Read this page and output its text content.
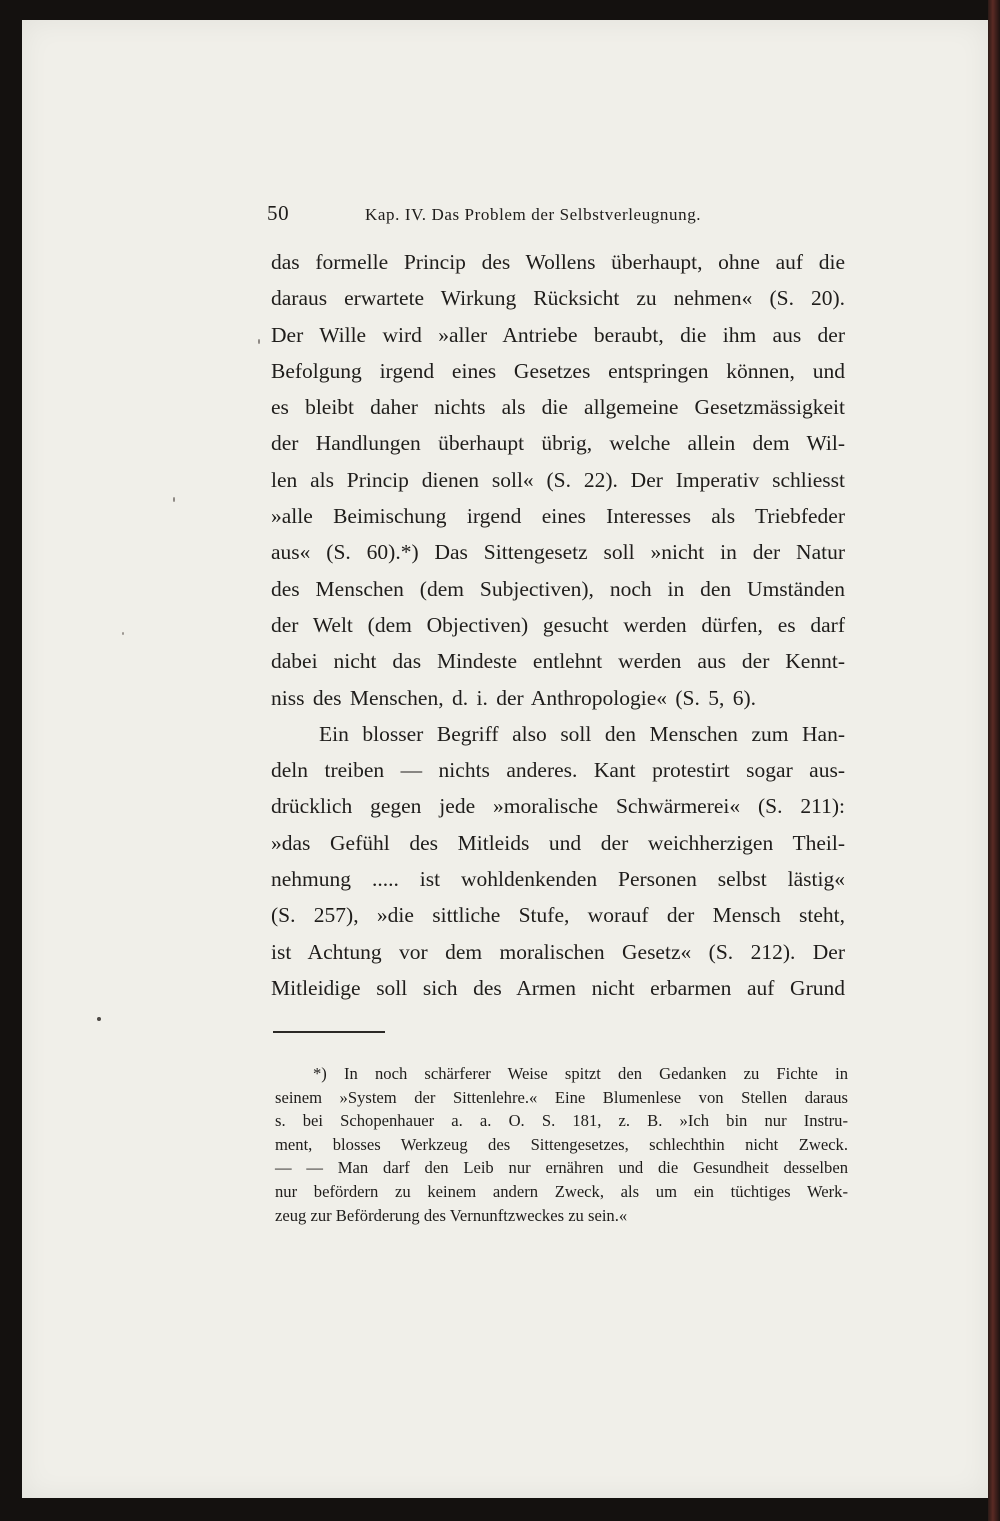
50	Kap. IV. Das Problem der Selbstverleugnung.
das formelle Princip des Wollens überhaupt, ohne auf die
daraus erwartete Wirkung Rücksicht zu nehmen« (S. 20).
Der Wille wird »aller Antriebe beraubt, die ihm aus der
Befolgung irgend eines Gesetzes entspringen können, und
es bleibt daher nichts als die allgemeine Gesetzmässigkeit
der Handlungen überhaupt übrig, welche allein dem Wil-
len als Princip dienen soll« (S. 22). Der Imperativ schliesst
»alle Beimischung irgend eines Interesses als Triebfeder
aus« (S. 60).*) Das Sittengesetz soll »nicht in der Natur
des Menschen (dem Subjectiven), noch in den Umständen
der Welt (dem Objectiven) gesucht werden dürfen, es darf
dabei nicht das Mindeste entlehnt werden aus der Kennt-
niss des Menschen, d. i. der Anthropologie« (S. 5, 6).
Ein blosser Begriff also soll den Menschen zum Han-
deln treiben — nichts anderes. Kant protestirt sogar aus-
drücklich gegen jede »moralische Schwärmerei« (S. 211):
»das Gefühl des Mitleids und der weichherzigen Theil-
nehmung ..... ist wohldenkenden Personen selbst lästig«
(S. 257), »die sittliche Stufe, worauf der Mensch steht,
ist Achtung vor dem moralischen Gesetz« (S. 212). Der
Mitleidige soll sich des Armen nicht erbarmen auf Grund
*) In noch schärferer Weise spitzt den Gedanken zu Fichte in
seinem »System der Sittenlehre.« Eine Blumenlese von Stellen daraus
s. bei Schopenhauer a. a. O. S. 181, z. B. »Ich bin nur Instru-
ment, blosses Werkzeug des Sittengesetzes, schlechthin nicht Zweck.
— — Man darf den Leib nur ernähren und die Gesundheit desselben
nur befördern zu keinem andern Zweck, als um ein tüchtiges Werk-
zeug zur Beförderung des Vernunftzweckes zu sein.«
